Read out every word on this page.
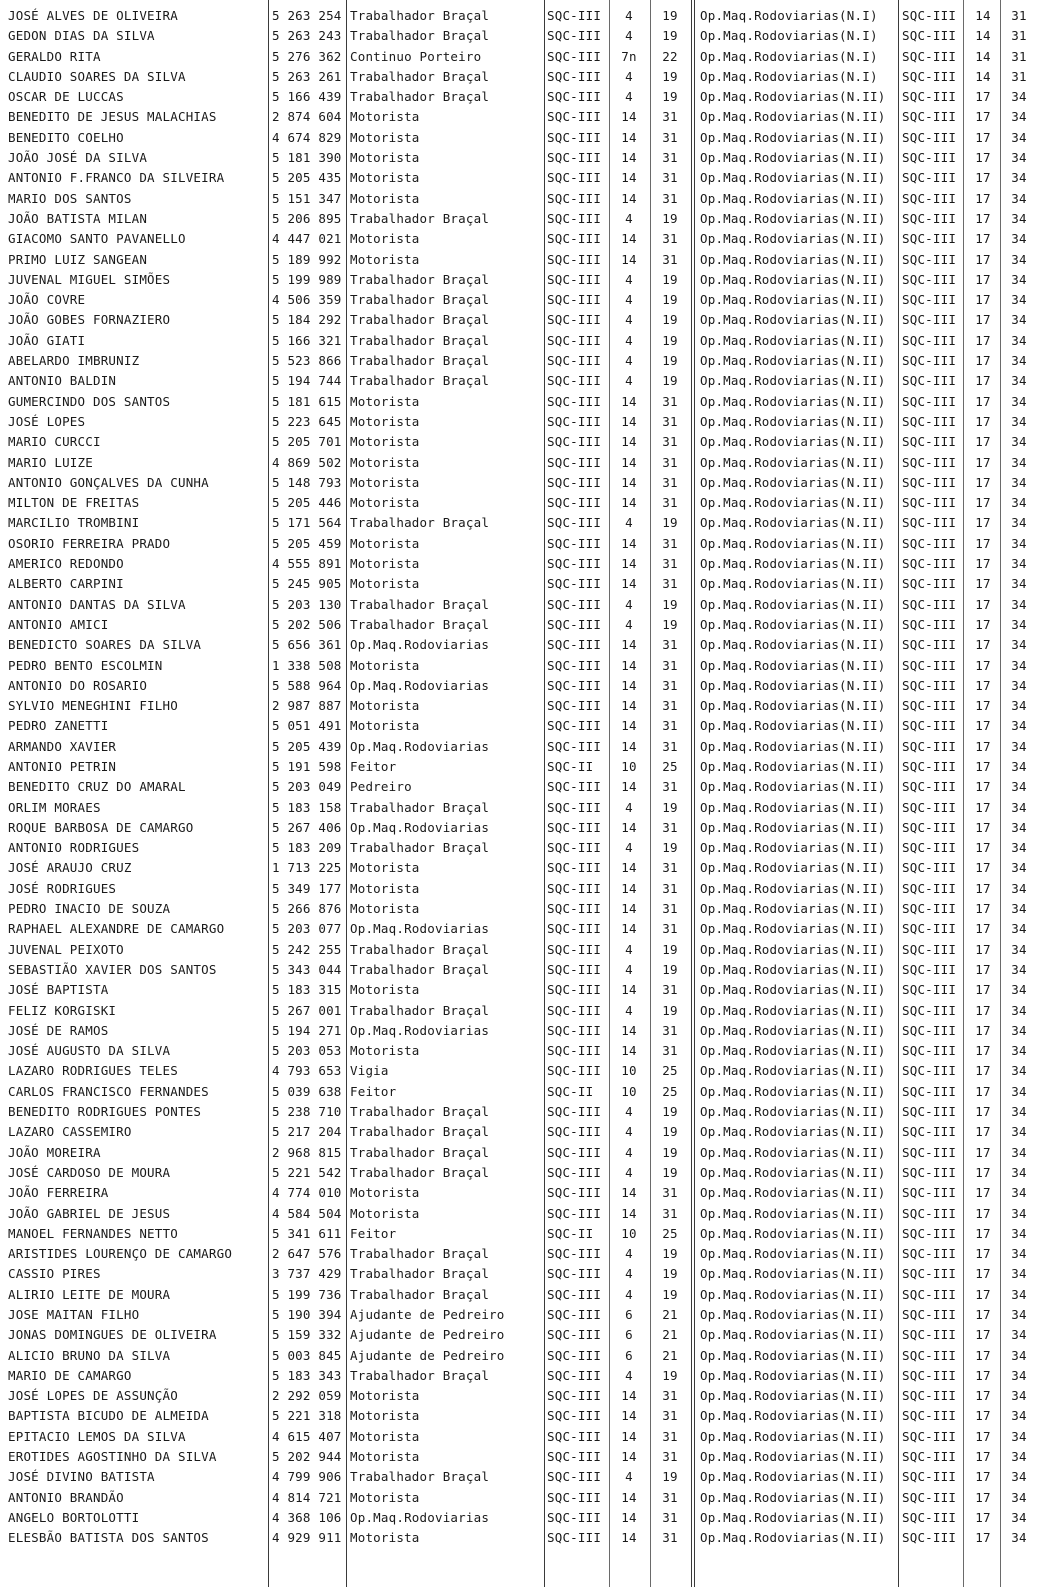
JOSÉ ALVES DE OLIVEIRA	5 263 254 Trabalhador Braçal	SQC-III	4	19	Op.Maq.Rodoviarias(N.I)	SQC-III	14	31
GEDON DIAS DA SILVA	5 263 243 Trabalhador Braçal	SQC-III	4	19	Op.Maq.Rodoviarias(N.I)	SQC-III	14	31
GERALDO RITA	5 276 362 Continuo Porteiro	SQC-III	7n	22	Op.Maq.Rodoviarias(N.I)	SQC-III	14	31
CLAUDIO SOARES DA SILVA	5 263 261 Trabalhador Braçal	SQC-III	4	19	Op.Maq.Rodoviarias(N.I)	SQC-III	14	31
OSCAR DE LUCCAS	5 166 439 Trabalhador Braçal	SQC-III	4	19	Op.Maq.Rodoviarias(N.II)	SQC-III	17	34
BENEDITO DE JESUS MALACHIAS	2 874 604 Motorista	SQC-III	14	31	Op.Maq.Rodoviarias(N.II)	SQC-III	17	34
BENEDITO COELHO	4 674 829 Motorista	SQC-III	14	31	Op.Maq.Rodoviarias(N.II)	SQC-III	17	34
JOÃO JOSÉ DA SILVA	5 181 390 Motorista	SQC-III	14	31	Op.Maq.Rodoviarias(N.II)	SQC-III	17	34
ANTONIO F.FRANCO DA SILVEIRA	5 205 435 Motorista	SQC-III	14	31	Op.Maq.Rodoviarias(N.II)	SQC-III	17	34
MARIO DOS SANTOS	5 151 347 Motorista	SQC-III	14	31	Op.Maq.Rodoviarias(N.II)	SQC-III	17	34
JOÃO BATISTA MILAN	5 206 895 Trabalhador Braçal	SQC-III	4	19	Op.Maq.Rodoviarias(N.II)	SQC-III	17	34
GIACOMO SANTO PAVANELLO	4 447 021 Motorista	SQC-III	14	31	Op.Maq.Rodoviarias(N.II)	SQC-III	17	34
PRIMO LUIZ SANGEAN	5 189 992 Motorista	SQC-III	14	31	Op.Maq.Rodoviarias(N.II)	SQC-III	17	34
JUVENAL MIGUEL SIMÕES	5 199 989 Trabalhador Braçal	SQC-III	4	19	Op.Maq.Rodoviarias(N.II)	SQC-III	17	34
JOÃO COVRE	4 506 359 Trabalhador Braçal	SQC-III	4	19	Op.Maq.Rodoviarias(N.II)	SQC-III	17	34
JOÃO GOBES FORNAZIERO	5 184 292 Trabalhador Braçal	SQC-III	4	19	Op.Maq.Rodoviarias(N.II)	SQC-III	17	34
JOÃO GIATI	5 166 321 Trabalhador Braçal	SQC-III	4	19	Op.Maq.Rodoviarias(N.II)	SQC-III	17	34
ABELARDO IMBRUNIZ	5 523 866 Trabalhador Braçal	SQC-III	4	19	Op.Maq.Rodoviarias(N.II)	SQC-III	17	34
ANTONIO BALDIN	5 194 744 Trabalhador Braçal	SQC-III	4	19	Op.Maq.Rodoviarias(N.II)	SQC-III	17	34
GUMERCINDO DOS SANTOS	5 181 615 Motorista	SQC-III	14	31	Op.Maq.Rodoviarias(N.II)	SQC-III	17	34
JOSÉ LOPES	5 223 645 Motorista	SQC-III	14	31	Op.Maq.Rodoviarias(N.II)	SQC-III	17	34
MARIO CURCCI	5 205 701 Motorista	SQC-III	14	31	Op.Maq.Rodoviarias(N.II)	SQC-III	17	34
MARIO LUIZE	4 869 502 Motorista	SQC-III	14	31	Op.Maq.Rodoviarias(N.II)	SQC-III	17	34
ANTONIO GONÇALVES DA CUNHA	5 148 793 Motorista	SQC-III	14	31	Op.Maq.Rodoviarias(N.II)	SQC-III	17	34
MILTON DE FREITAS	5 205 446 Motorista	SQC-III	14	31	Op.Maq.Rodoviarias(N.II)	SQC-III	17	34
MARCILIO TROMBINI	5 171 564 Trabalhador Braçal	SQC-III	4	19	Op.Maq.Rodoviarias(N.II)	SQC-III	17	34
OSORIO FERREIRA PRADO	5 205 459 Motorista	SQC-III	14	31	Op.Maq.Rodoviarias(N.II)	SQC-III	17	34
AMERICO REDONDO	4 555 891 Motorista	SQC-III	14	31	Op.Maq.Rodoviarias(N.II)	SQC-III	17	34
ALBERTO CARPINI	5 245 905 Motorista	SQC-III	14	31	Op.Maq.Rodoviarias(N.II)	SQC-III	17	34
ANTONIO DANTAS DA SILVA	5 203 130 Trabalhador Braçal	SQC-III	4	19	Op.Maq.Rodoviarias(N.II)	SQC-III	17	34
ANTONIO AMICI	5 202 506 Trabalhador Braçal	SQC-III	4	19	Op.Maq.Rodoviarias(N.II)	SQC-III	17	34
BENEDICTO SOARES DA SILVA	5 656 361 Op.Maq.Rodoviarias	SQC-III	14	31	Op.Maq.Rodoviarias(N.II)	SQC-III	17	34
PEDRO BENTO ESCOLMIN	1 338 508 Motorista	SQC-III	14	31	Op.Maq.Rodoviarias(N.II)	SQC-III	17	34
ANTONIO DO ROSARIO	5 588 964 Op.Maq.Rodoviarias	SQC-III	14	31	Op.Maq.Rodoviarias(N.II)	SQC-III	17	34
SYLVIO MENEGHINI FILHO	2 987 887 Motorista	SQC-III	14	31	Op.Maq.Rodoviarias(N.II)	SQC-III	17	34
PEDRO ZANETTI	5 051 491 Motorista	SQC-III	14	31	Op.Maq.Rodoviarias(N.II)	SQC-III	17	34
ARMANDO XAVIER	5 205 439 Op.Maq.Rodoviarias	SQC-III	14	31	Op.Maq.Rodoviarias(N.II)	SQC-III	17	34
ANTONIO PETRIN	5 191 598 Feitor	SQC-II	10	25	Op.Maq.Rodoviarias(N.II)	SQC-III	17	34
BENEDITO CRUZ DO AMARAL	5 203 049 Pedreiro	SQC-III	14	31	Op.Maq.Rodoviarias(N.II)	SQC-III	17	34
ORLIM MORAES	5 183 158 Trabalhador Braçal	SQC-III	4	19	Op.Maq.Rodoviarias(N.II)	SQC-III	17	34
ROQUE BARBOSA DE CAMARGO	5 267 406 Op.Maq.Rodoviarias	SQC-III	14	31	Op.Maq.Rodoviarias(N.II)	SQC-III	17	34
ANTONIO RODRIGUES	5 183 209 Trabalhador Braçal	SQC-III	4	19	Op.Maq.Rodoviarias(N.II)	SQC-III	17	34
JOSÉ ARAUJO CRUZ	1 713 225 Motorista	SQC-III	14	31	Op.Maq.Rodoviarias(N.II)	SQC-III	17	34
JOSÉ RODRIGUES	5 349 177 Motorista	SQC-III	14	31	Op.Maq.Rodoviarias(N.II)	SQC-III	17	34
PEDRO INACIO DE SOUZA	5 266 876 Motorista	SQC-III	14	31	Op.Maq.Rodoviarias(N.II)	SQC-III	17	34
RAPHAEL ALEXANDRE DE CAMARGO	5 203 077 Op.Maq.Rodoviarias	SQC-III	14	31	Op.Maq.Rodoviarias(N.II)	SQC-III	17	34
JUVENAL PEIXOTO	5 242 255 Trabalhador Braçal	SQC-III	4	19	Op.Maq.Rodoviarias(N.II)	SQC-III	17	34
SEBASTIÃO XAVIER DOS SANTOS	5 343 044 Trabalhador Braçal	SQC-III	4	19	Op.Maq.Rodoviarias(N.II)	SQC-III	17	34
JOSÉ BAPTISTA	5 183 315 Motorista	SQC-III	14	31	Op.Maq.Rodoviarias(N.II)	SQC-III	17	34
FELIZ KORGISKI	5 267 001 Trabalhador Braçal	SQC-III	4	19	Op.Maq.Rodoviarias(N.II)	SQC-III	17	34
JOSÉ DE RAMOS	5 194 271 Op.Maq.Rodoviarias	SQC-III	14	31	Op.Maq.Rodoviarias(N.II)	SQC-III	17	34
JOSÉ AUGUSTO DA SILVA	5 203 053 Motorista	SQC-III	14	31	Op.Maq.Rodoviarias(N.II)	SQC-III	17	34
LAZARO RODRIGUES TELES	4 793 653 Vigia	SQC-III	10	25	Op.Maq.Rodoviarias(N.II)	SQC-III	17	34
CARLOS FRANCISCO FERNANDES	5 039 638 Feitor	SQC-II	10	25	Op.Maq.Rodoviarias(N.II)	SQC-III	17	34
BENEDITO RODRIGUES PONTES	5 238 710 Trabalhador Braçal	SQC-III	4	19	Op.Maq.Rodoviarias(N.II)	SQC-III	17	34
LAZARO CASSEMIRO	5 217 204 Trabalhador Braçal	SQC-III	4	19	Op.Maq.Rodoviarias(N.II)	SQC-III	17	34
JOÃO MOREIRA	2 968 815 Trabalhador Braçal	SQC-III	4	19	Op.Maq.Rodoviarias(N.II)	SQC-III	17	34
JOSÉ CARDOSO DE MOURA	5 221 542 Trabalhador Braçal	SQC-III	4	19	Op.Maq.Rodoviarias(N.II)	SQC-III	17	34
JOÃO FERREIRA	4 774 010 Motorista	SQC-III	14	31	Op.Maq.Rodoviarias(N.II)	SQC-III	17	34
JOÃO GABRIEL DE JESUS	4 584 504 Motorista	SQC-III	14	31	Op.Maq.Rodoviarias(N.II)	SQC-III	17	34
MANOEL FERNANDES NETTO	5 341 611 Feitor	SQC-II	10	25	Op.Maq.Rodoviarias(N.II)	SQC-III	17	34
ARISTIDES LOURENÇO DE CAMARGO	2 647 576 Trabalhador Braçal	SQC-III	4	19	Op.Maq.Rodoviarias(N.II)	SQC-III	17	34
CASSIO PIRES	3 737 429 Trabalhador Braçal	SQC-III	4	19	Op.Maq.Rodoviarias(N.II)	SQC-III	17	34
ALIRIO LEITE DE MOURA	5 199 736 Trabalhador Braçal	SQC-III	4	19	Op.Maq.Rodoviarias(N.II)	SQC-III	17	34
JOSE MAITAN FILHO	5 190 394 Ajudante de Pedreiro	SQC-III	6	21	Op.Maq.Rodoviarias(N.II)	SQC-III	17	34
JONAS DOMINGUES DE OLIVEIRA	5 159 332 Ajudante de Pedreiro	SQC-III	6	21	Op.Maq.Rodoviarias(N.II)	SQC-III	17	34
ALICIO BRUNO DA SILVA	5 003 845 Ajudante de Pedreiro	SQC-III	6	21	Op.Maq.Rodoviarias(N.II)	SQC-III	17	34
MARIO DE CAMARGO	5 183 343 Trabalhador Braçal	SQC-III	4	19	Op.Maq.Rodoviarias(N.II)	SQC-III	17	34
JOSÉ LOPES DE ASSUNÇÃO	2 292 059 Motorista	SQC-III	14	31	Op.Maq.Rodoviarias(N.II)	SQC-III	17	34
BAPTISTA BICUDO DE ALMEIDA	5 221 318 Motorista	SQC-III	14	31	Op.Maq.Rodoviarias(N.II)	SQC-III	17	34
EPITACIO LEMOS DA SILVA	4 615 407 Motorista	SQC-III	14	31	Op.Maq.Rodoviarias(N.II)	SQC-III	17	34
EROTIDES AGOSTINHO DA SILVA	5 202 944 Motorista	SQC-III	14	31	Op.Maq.Rodoviarias(N.II)	SQC-III	17	34
JOSÉ DIVINO BATISTA	4 799 906 Trabalhador Braçal	SQC-III	4	19	Op.Maq.Rodoviarias(N.II)	SQC-III	17	34
ANTONIO BRANDÃO	4 814 721 Motorista	SQC-III	14	31	Op.Maq.Rodoviarias(N.II)	SQC-III	17	34
ANGELO BORTOLOTTI	4 368 106 Op.Maq.Rodoviarias	SQC-III	14	31	Op.Maq.Rodoviarias(N.II)	SQC-III	17	34
ELESBÃO BATISTA DOS SANTOS	4 929 911 Motorista	SQC-III	14	31	Op.Maq.Rodoviarias(N.II)	SQC-III	17	34
